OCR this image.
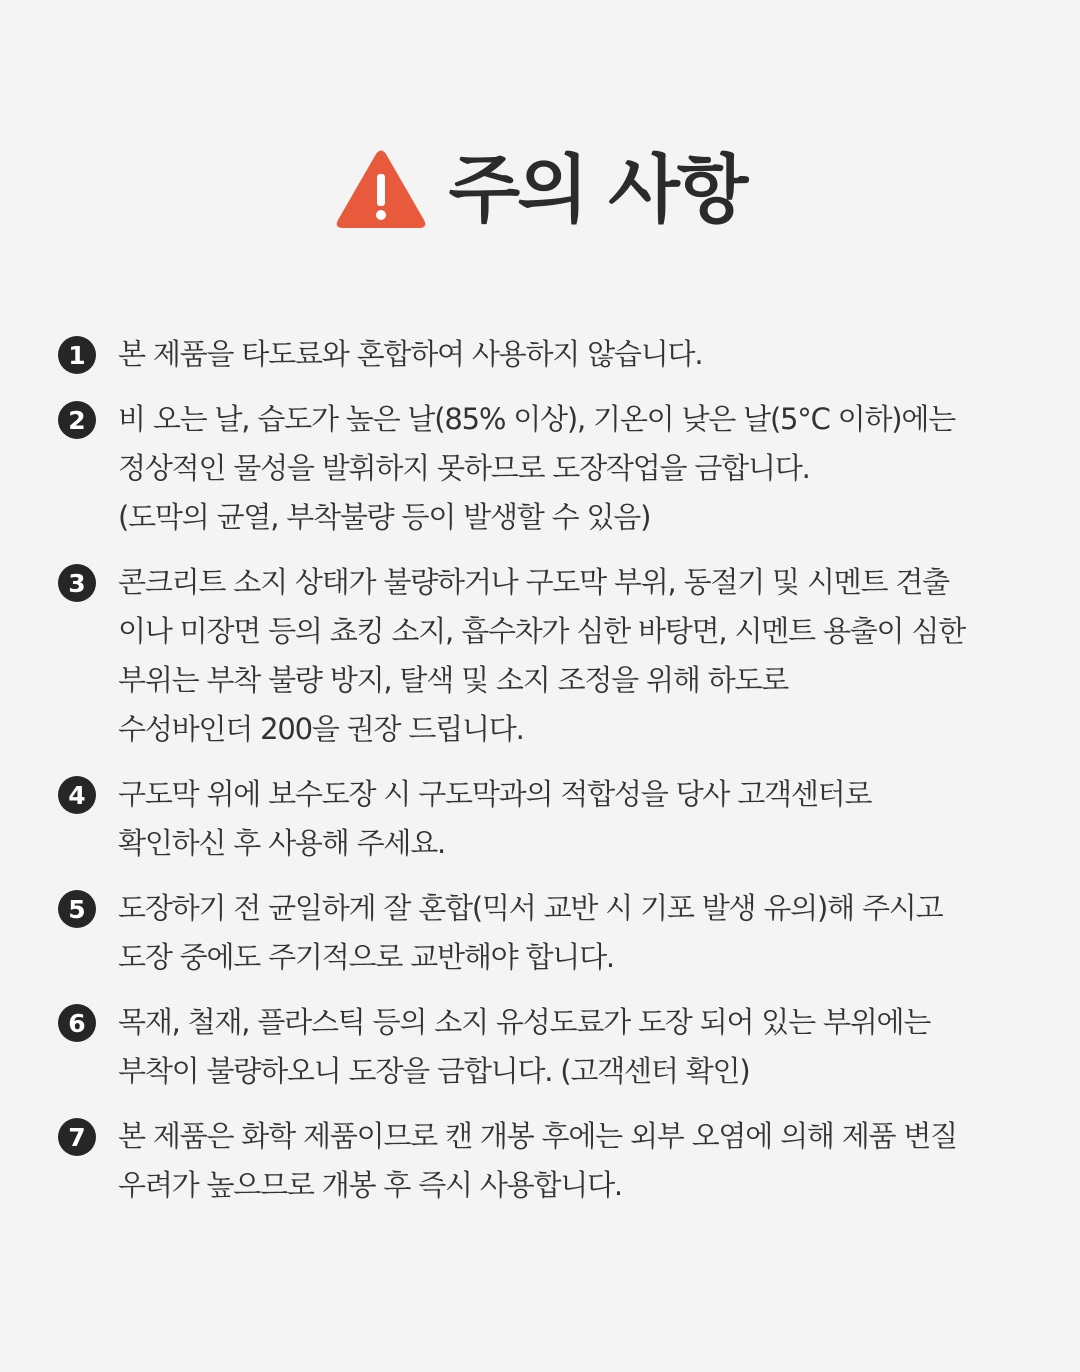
주의 사항
1	본 제품을 타도료와 혼합하여 사용하지 않습니다.
2	비 오는 날, 습도가 높은 날(85% 이상), 기온이 낮은 날(5°C 이하)에는
정상적인 물성을 발휘하지 못하므로 도장작업을 금합니다.
(도막의 균열, 부착불량 등이 발생할 수 있음)
3	콘크리트 소지 상태가 불량하거나 구도막 부위, 동절기 및 시멘트 견출
이나 미장면 등의 쵸킹 소지, 흡수차가 심한 바탕면, 시멘트 용출이 심한
부위는 부착 불량 방지, 탈색 및 소지 조정을 위해 하도로
수성바인더 200을 권장 드립니다.
4	구도막 위에 보수도장 시 구도막과의 적합성을 당사 고객센터로
확인하신 후 사용해 주세요.
5	도장하기 전 균일하게 잘 혼합(믹서 교반 시 기포 발생 유의)해 주시고
도장 중에도 주기적으로 교반해야 합니다.
6	목재, 철재, 플라스틱 등의 소지 유성도료가 도장 되어 있는 부위에는
부착이 불량하오니 도장을 금합니다. (고객센터 확인)
7	본 제품은 화학 제품이므로 캔 개봉 후에는 외부 오염에 의해 제품 변질
우려가 높으므로 개봉 후 즉시 사용합니다.
